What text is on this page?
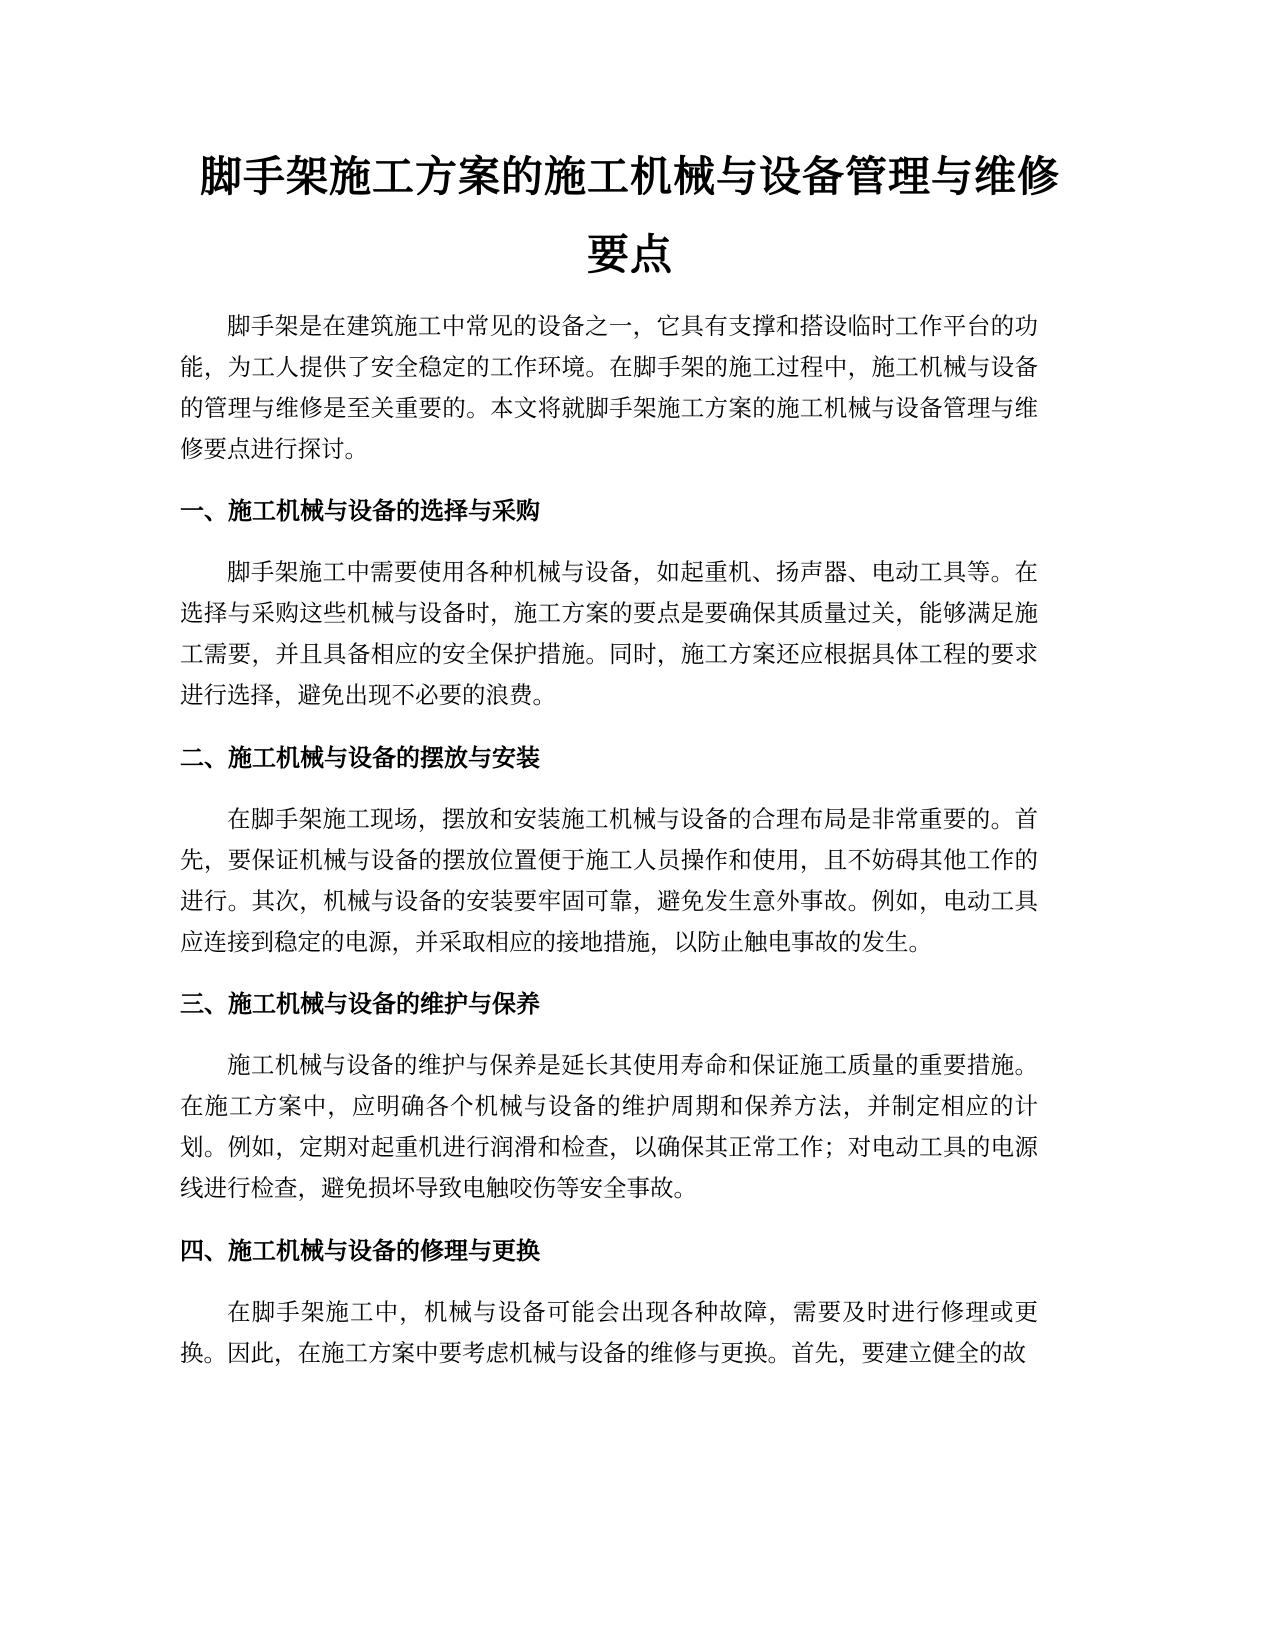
脚手架施工方案的施工机械与设备管理与维修要点

脚手架是在建筑施工中常见的设备之一，它具有支撑和搭设临时工作平台的功能，为工人提供了安全稳定的工作环境。在脚手架的施工过程中，施工机械与设备的管理与维修是至关重要的。本文将就脚手架施工方案的施工机械与设备管理与维修要点进行探讨。

一、施工机械与设备的选择与采购

脚手架施工中需要使用各种机械与设备，如起重机、扬声器、电动工具等。在选择与采购这些机械与设备时，施工方案的要点是要确保其质量过关，能够满足施工需要，并且具备相应的安全保护措施。同时，施工方案还应根据具体工程的要求进行选择，避免出现不必要的浪费。

二、施工机械与设备的摆放与安装

在脚手架施工现场，摆放和安装施工机械与设备的合理布局是非常重要的。首先，要保证机械与设备的摆放位置便于施工人员操作和使用，且不妨碍其他工作的进行。其次，机械与设备的安装要牢固可靠，避免发生意外事故。例如，电动工具应连接到稳定的电源，并采取相应的接地措施，以防止触电事故的发生。

三、施工机械与设备的维护与保养

施工机械与设备的维护与保养是延长其使用寿命和保证施工质量的重要措施。在施工方案中，应明确各个机械与设备的维护周期和保养方法，并制定相应的计划。例如，定期对起重机进行润滑和检查，以确保其正常工作；对电动工具的电源线进行检查，避免损坏导致电触咬伤等安全事故。

四、施工机械与设备的修理与更换

在脚手架施工中，机械与设备可能会出现各种故障，需要及时进行修理或更换。因此，在施工方案中要考虑机械与设备的维修与更换。首先，要建立健全的故
